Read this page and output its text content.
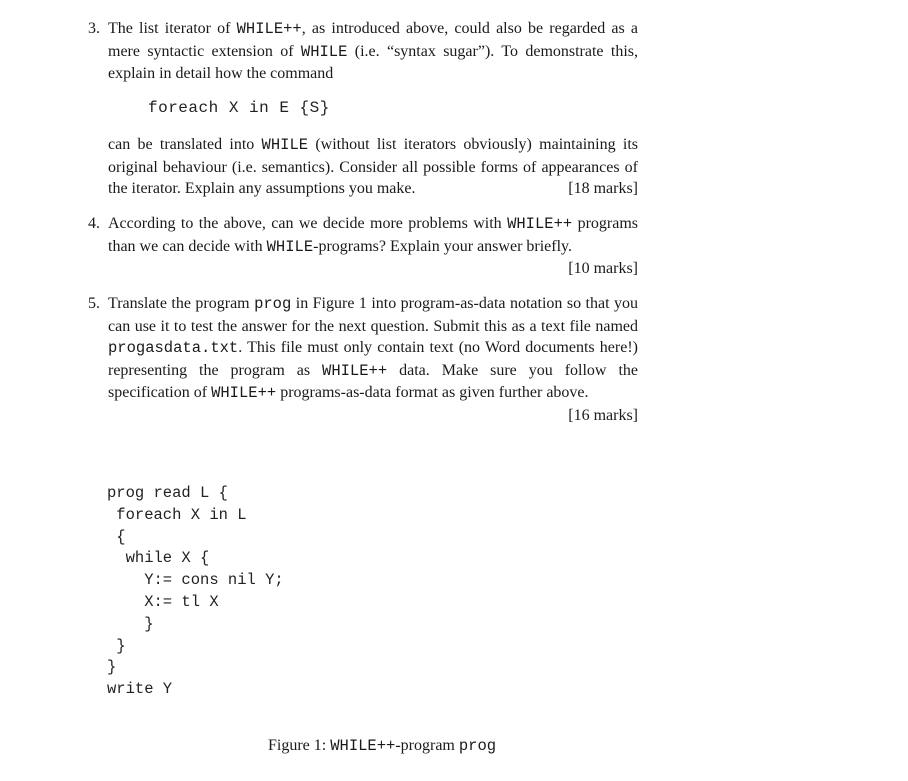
3. The list iterator of WHILE++, as introduced above, could also be regarded as a mere syntactic extension of WHILE (i.e. “syntax sugar”). To demonstrate this, explain in detail how the command
foreach X in E {S}
can be translated into WHILE (without list iterators obviously) maintaining its original behaviour (i.e. semantics). Consider all possible forms of appearances of the iterator. Explain any assumptions you make.	[18 marks]
4. According to the above, can we decide more problems with WHILE++ programs than we can decide with WHILE-programs? Explain your answer briefly.
[10 marks]
5. Translate the program prog in Figure 1 into program-as-data notation so that you can use it to test the answer for the next question. Submit this as a text file named progasdata.txt. This file must only contain text (no Word documents here!) representing the program as WHILE++ data. Make sure you follow the specification of WHILE++ programs-as-data format as given further above.
[16 marks]
prog read L {
foreach X in L
{
while X {
Y:= cons nil Y;
X:= tl X
}
}
}
write Y
Figure 1: WHILE++-program prog
